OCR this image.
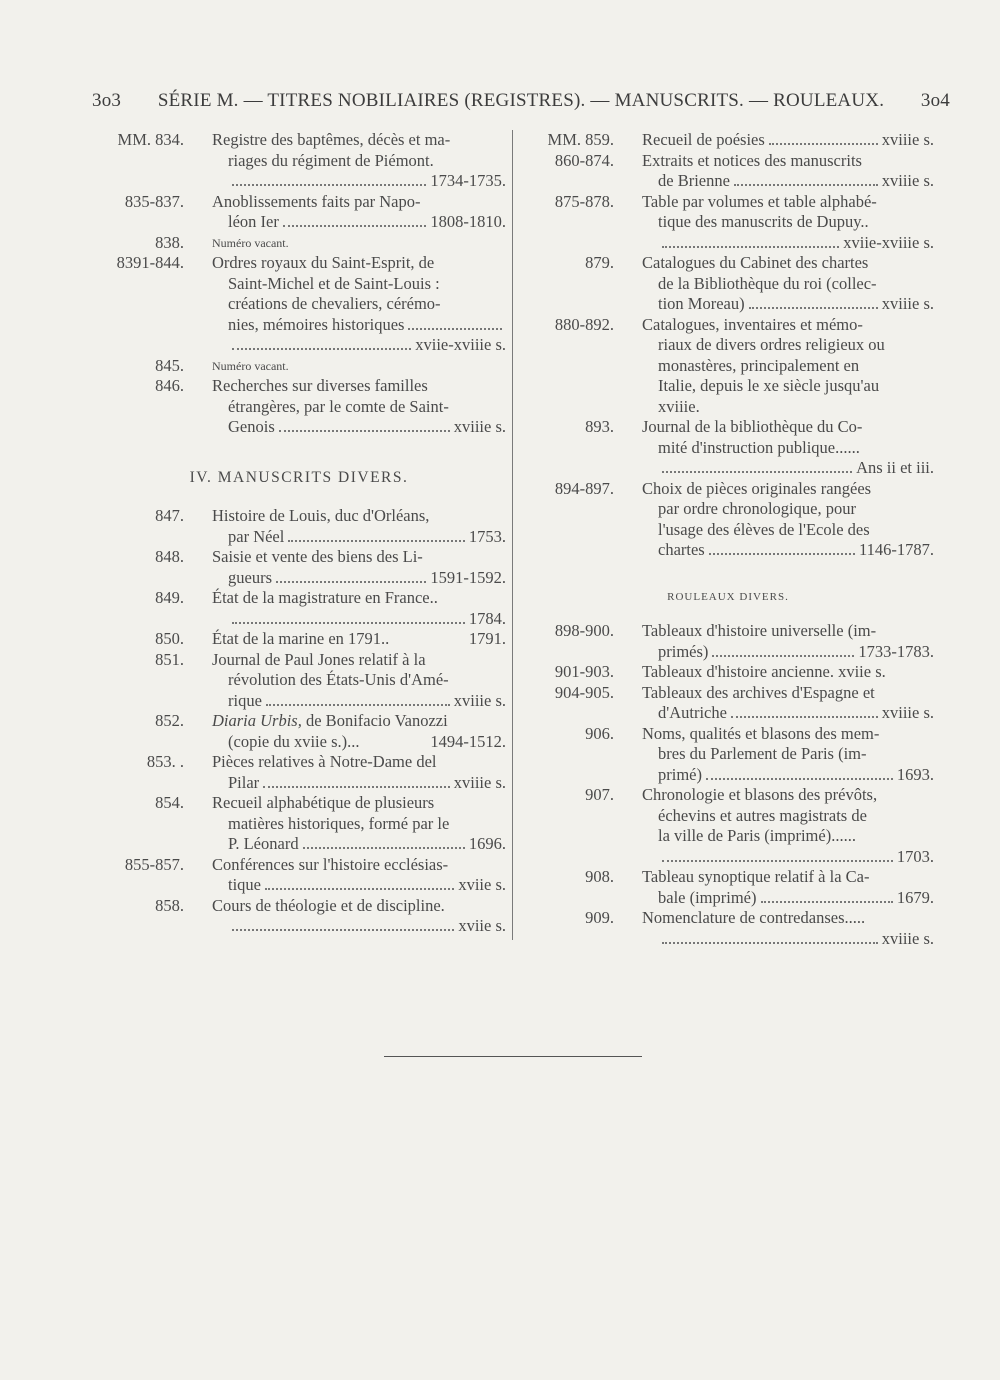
3o3	SÉRIE M. — TITRES NOBILIAIRES (REGISTRES). — MANUSCRITS. — ROULEAUX.	3o4
MM. 834. Registre des baptêmes, décès et ma-
riages du régiment de Piémont.
1734-1735.
835-837. Anoblissements faits par Napo-
léon Ier	1808-1810.
838.	Numéro vacant.
8391-844. Ordres royaux du Saint-Esprit, de
Saint-Michel et de Saint-Louis :
créations de chevaliers, cérémo-
nies, mémoires historiques
xviie-xviiie s.
845.	Numéro vacant.
846. Recherches sur diverses familles
étrangères, par le comte de Saint-
Genois	xviiie s.
IV. MANUSCRITS DIVERS.
847. Histoire de Louis, duc d'Orléans,
par Néel	1753.
848. Saisie et vente des biens des Li-
gueurs	1591-1592.
849. État de la magistrature en France..
1784.
850. État de la marine en 1791..	1791.
851. Journal de Paul Jones relatif à la
révolution des États-Unis d'Amé-
rique	xviiie s.
852. Diaria Urbis, de Bonifacio Vanozzi
(copie du xviie s.)...	1494-1512.
853. . Pièces relatives à Notre-Dame del
Pilar	xviiie s.
854. Recueil alphabétique de plusieurs
matières historiques, formé par le
P. Léonard	1696.
855-857. Conférences sur l'histoire ecclésias-
tique	xviie s.
858. Cours de théologie et de discipline.
xviie s.
MM. 859. Recueil de poésies	xviiie s.
860-874. Extraits et notices des manuscrits
de Brienne	xviiie s.
875-878. Table par volumes et table alphabé-
tique des manuscrits de Dupuy..
xviie-xviiie s.
879. Catalogues du Cabinet des chartes
de la Bibliothèque du roi (collec-
tion Moreau)	xviiie s.
880-892. Catalogues, inventaires et mémo-
riaux de divers ordres religieux ou
monastères, principalement en
Italie, depuis le xe siècle jusqu'au
xviiie.
893. Journal de la bibliothèque du Co-
mité d'instruction publique......
Ans ii et iii.
894-897. Choix de pièces originales rangées
par ordre chronologique, pour
l'usage des élèves de l'Ecole des
chartes	1146-1787.
ROULEAUX DIVERS.
898-900. Tableaux d'histoire universelle (im-
primés)	1733-1783.
901-903. Tableaux d'histoire ancienne. xviie s.
904-905. Tableaux des archives d'Espagne et
d'Autriche	xviiie s.
906. Noms, qualités et blasons des mem-
bres du Parlement de Paris (im-
primé)	1693.
907. Chronologie et blasons des prévôts,
échevins et autres magistrats de
la ville de Paris (imprimé)......
1703.
908. Tableau synoptique relatif à la Ca-
bale (imprimé)	1679.
909. Nomenclature de contredanses.....
xviiie s.
